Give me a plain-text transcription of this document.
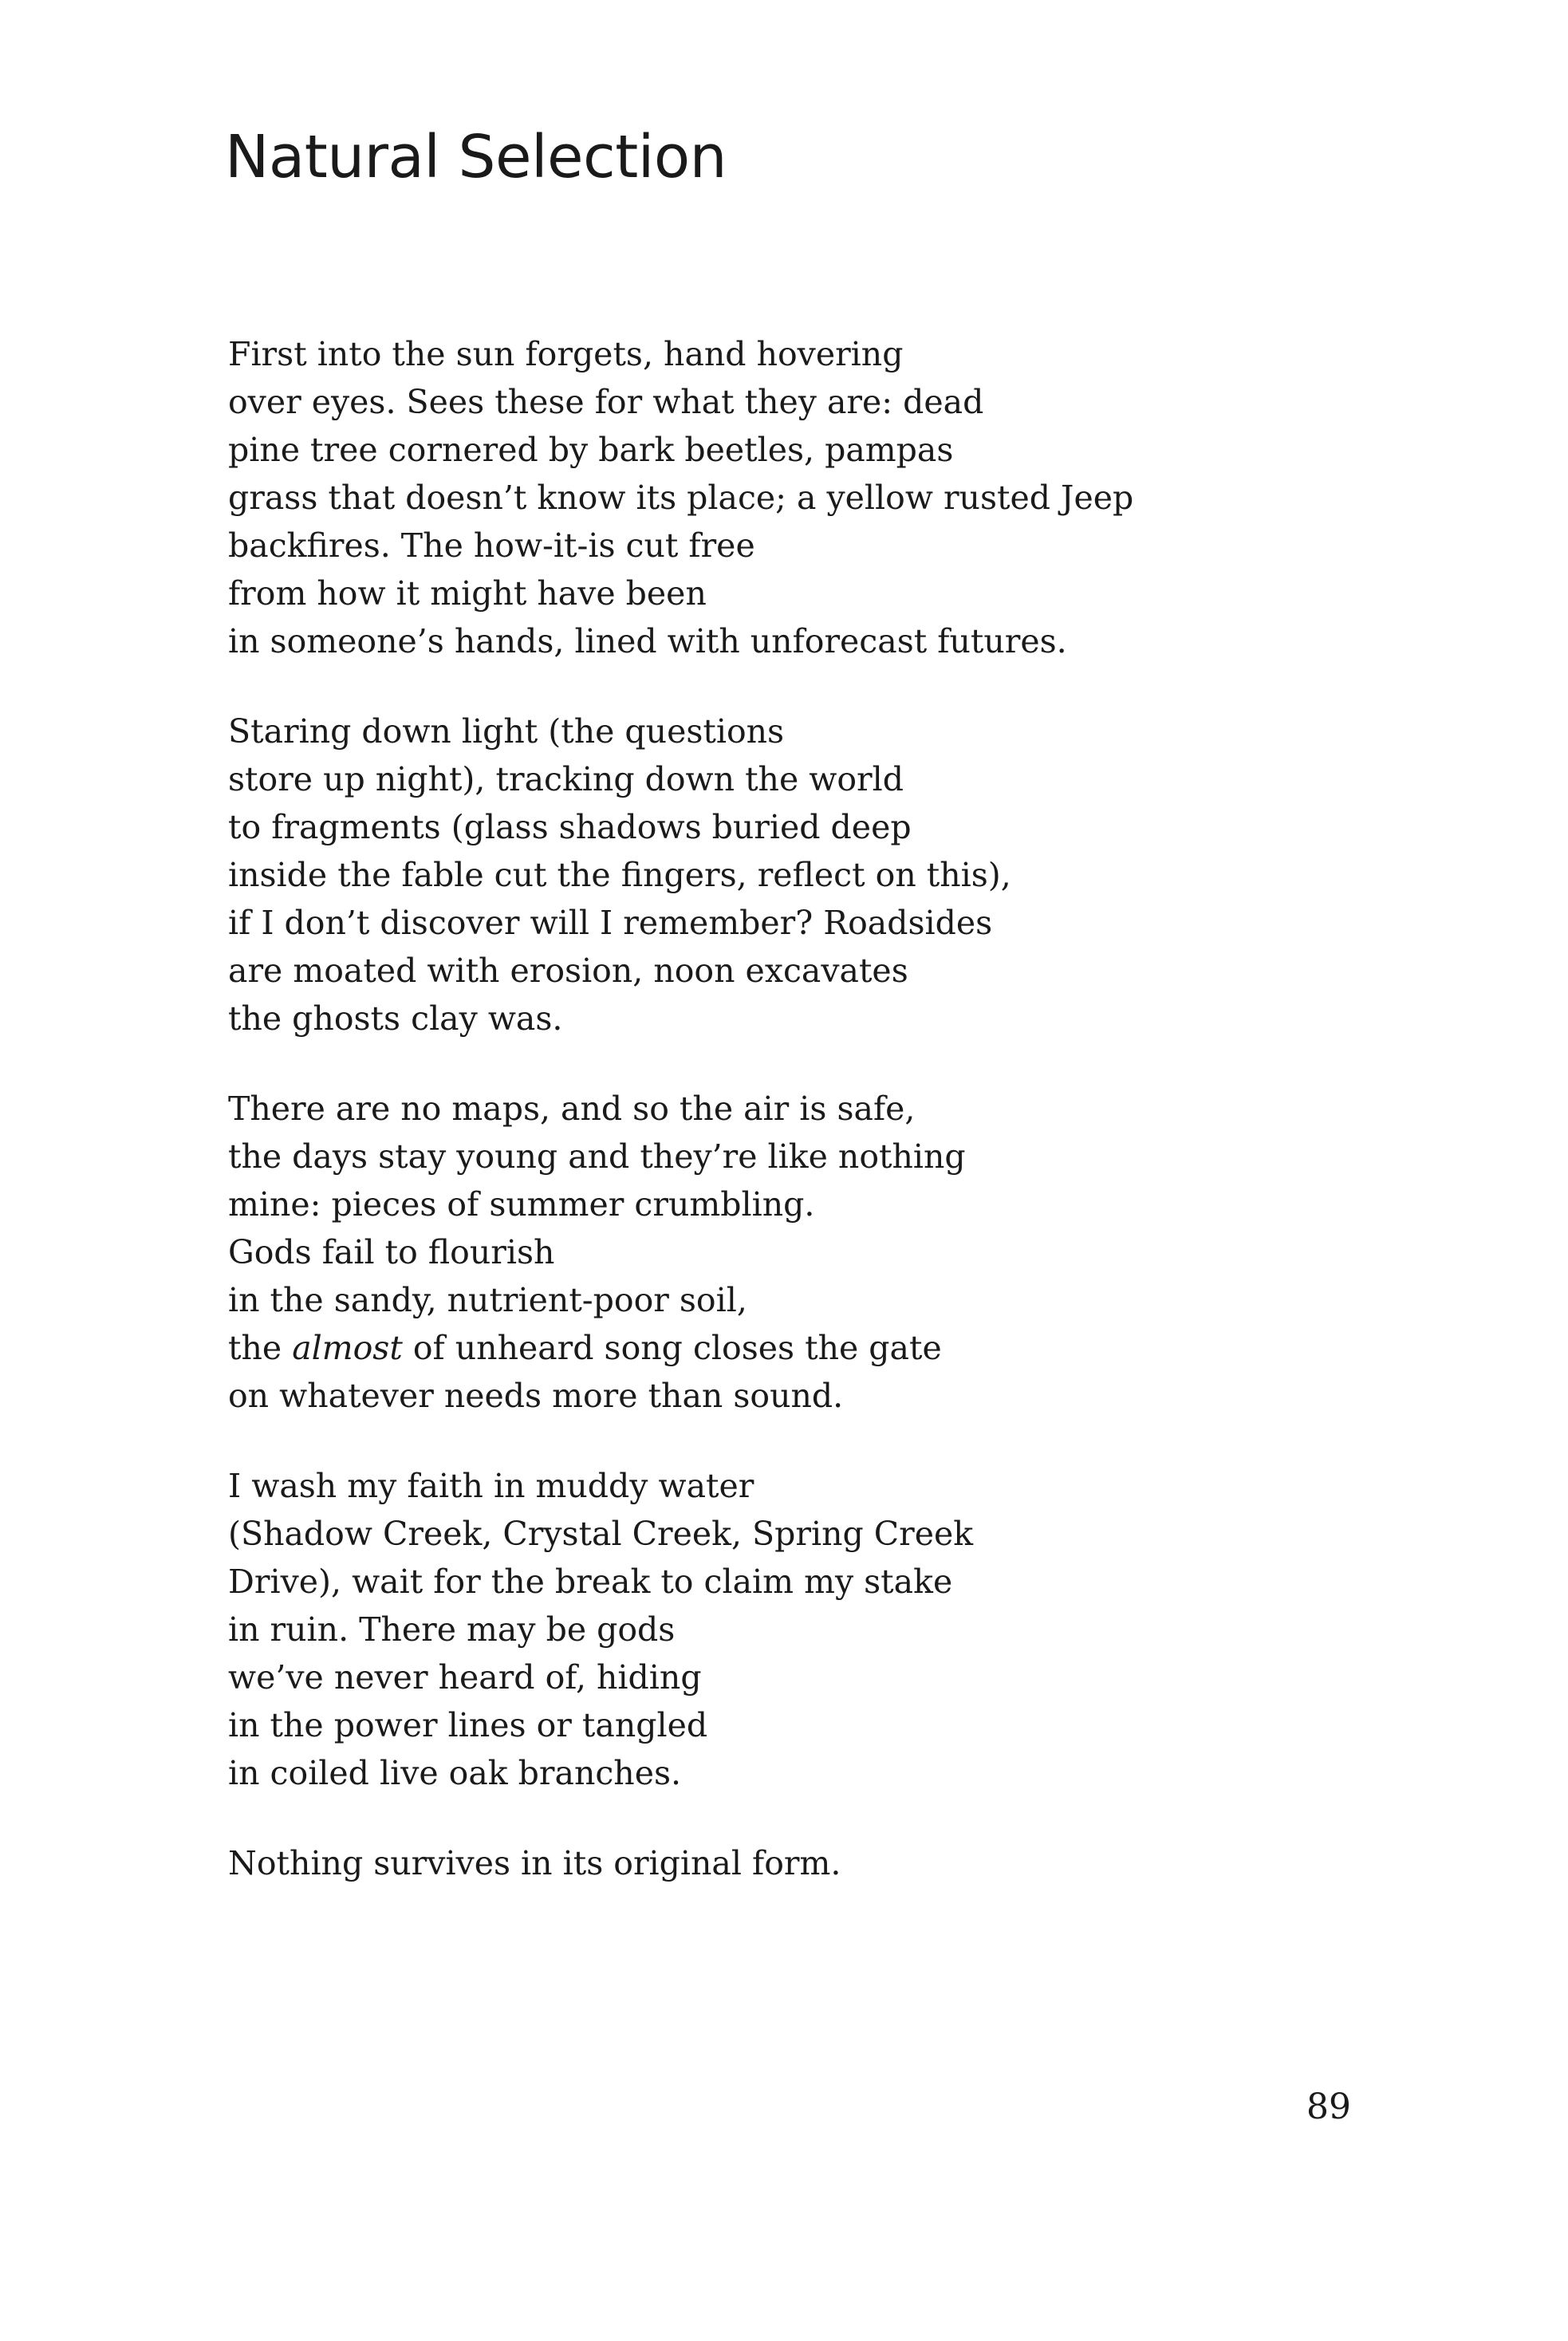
Natural Selection
First into the sun forgets, hand hovering
over eyes. Sees these for what they are: dead
pine tree cornered by bark beetles, pampas
grass that doesn’t know its place; a yellow rusted Jeep
backfires. The how-it-is cut free
from how it might have been
in someone’s hands, lined with unforecast futures.
Staring down light (the questions
store up night), tracking down the world
to fragments (glass shadows buried deep
inside the fable cut the fingers, reflect on this),
if I don’t discover will I remember? Roadsides
are moated with erosion, noon excavates
the ghosts clay was.
There are no maps, and so the air is safe,
the days stay young and they’re like nothing
mine: pieces of summer crumbling.
Gods fail to flourish
in the sandy, nutrient-poor soil,
the almost of unheard song closes the gate
on whatever needs more than sound.
I wash my faith in muddy water
(Shadow Creek, Crystal Creek, Spring Creek
Drive), wait for the break to claim my stake
in ruin. There may be gods
we’ve never heard of, hiding
in the power lines or tangled
in coiled live oak branches.
Nothing survives in its original form.
89
